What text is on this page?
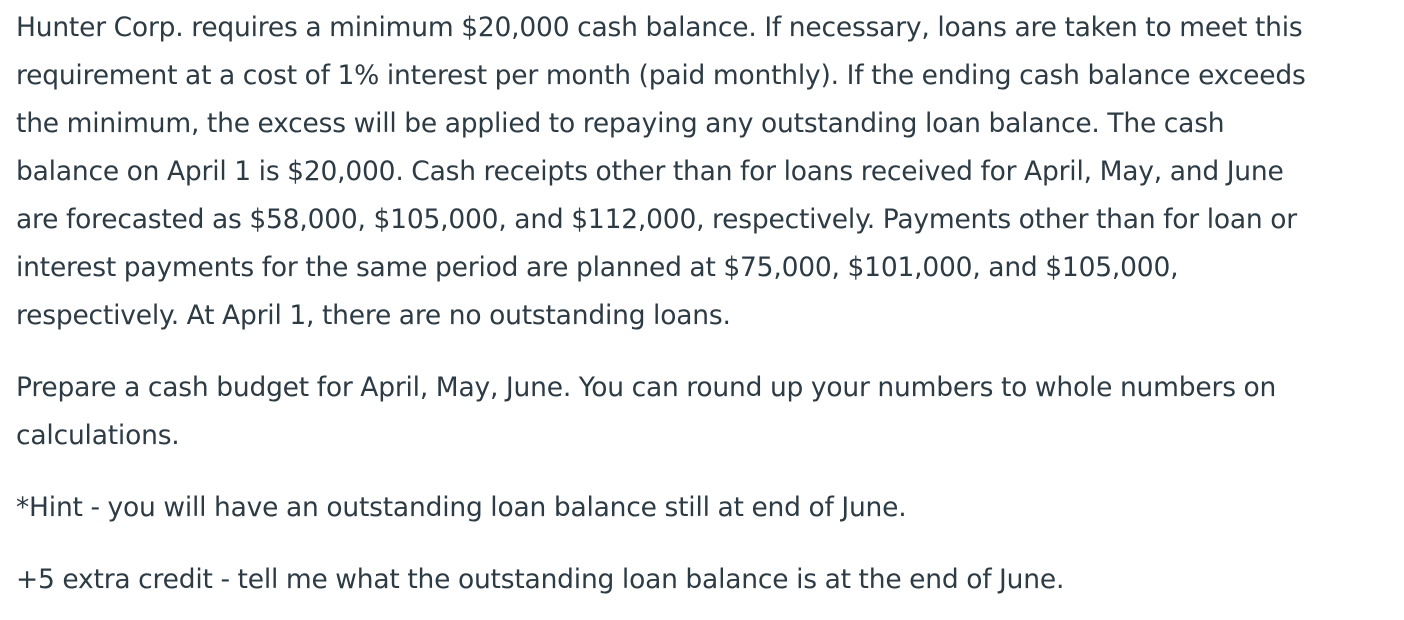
Hunter Corp. requires a minimum $20,000 cash balance. If necessary, loans are taken to meet this
requirement at a cost of 1% interest per month (paid monthly). If the ending cash balance exceeds
the minimum, the excess will be applied to repaying any outstanding loan balance. The cash
balance on April 1 is $20,000. Cash receipts other than for loans received for April, May, and June
are forecasted as $58,000, $105,000, and $112,000, respectively. Payments other than for loan or
interest payments for the same period are planned at $75,000, $101,000, and $105,000,
respectively. At April 1, there are no outstanding loans.

Prepare a cash budget for April, May, June. You can round up your numbers to whole numbers on
calculations.

*Hint - you will have an outstanding loan balance still at end of June.

+5 extra credit - tell me what the outstanding loan balance is at the end of June.
